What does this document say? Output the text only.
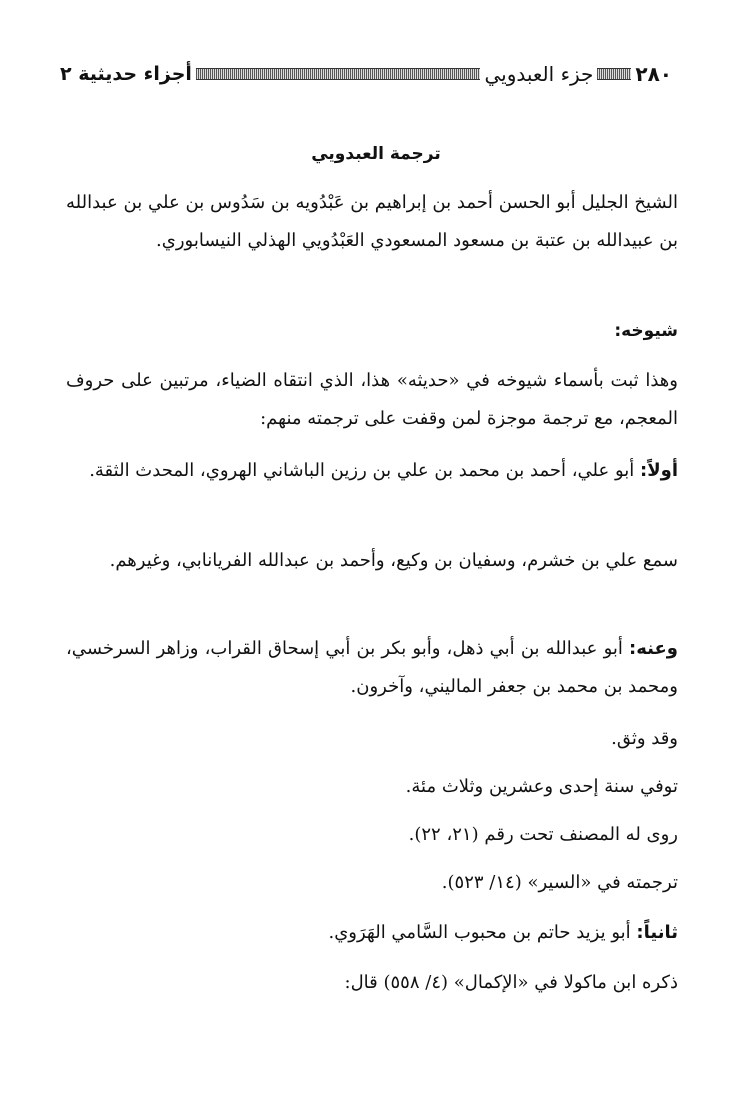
٢٨٠
جزء العبدويي
أجزاء حديثية ٢
ترجمة العبدويي
الشيخ الجليل أبو الحسن أحمد بن إبراهيم بن عَبْدُويه بن سَدُوس بن علي بن عبدالله بن عبيدالله بن عتبة بن مسعود المسعودي العَبْدُويي الهذلي النيسابوري.
شيوخه:
وهذا ثبت بأسماء شيوخه في «حديثه» هذا، الذي انتقاه الضياء، مرتبين على حروف المعجم، مع ترجمة موجزة لمن وقفت على ترجمته منهم:
أولاً: أبو علي، أحمد بن محمد بن علي بن رزين الباشاني الهروي، المحدث الثقة.
سمع علي بن خشرم، وسفيان بن وكيع، وأحمد بن عبدالله الفريانابي، وغيرهم.
وعنه: أبو عبدالله بن أبي ذهل، وأبو بكر بن أبي إسحاق القراب، وزاهر السرخسي، ومحمد بن محمد بن جعفر الماليني، وآخرون.
وقد وثق.
توفي سنة إحدى وعشرين وثلاث مئة.
روى له المصنف تحت رقم (٢١، ٢٢).
ترجمته في «السير» (١٤/ ٥٢٣).
ثانياً: أبو يزيد حاتم بن محبوب السَّامي الهَرَوي.
ذكره ابن ماكولا في «الإكمال» (٤/ ٥٥٨) قال:
